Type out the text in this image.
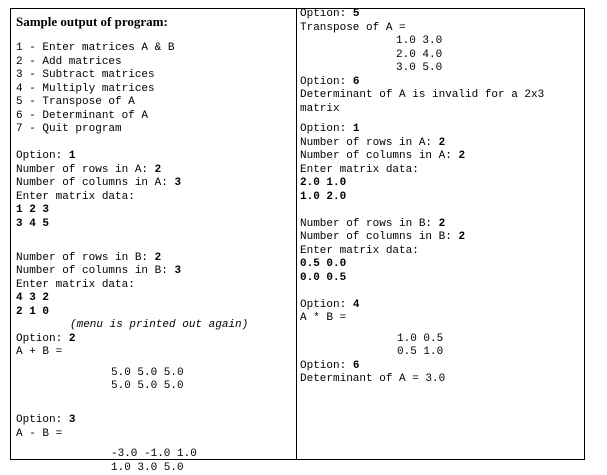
Sample output of program:
1 - Enter matrices A & B
2 - Add matrices
3 - Subtract matrices
4 - Multiply matrices
5 - Transpose of A
6 - Determinant of A
7 - Quit program
Option: 1
Number of rows in A: 2
Number of columns in A: 3
Enter matrix data:
1 2 3
3 4 5
Number of rows in B: 2
Number of columns in B: 3
Enter matrix data:
4 3 2
2 1 0
(menu is printed out again)
Option: 2
A + B =
5.0 5.0 5.0
5.0 5.0 5.0
Option: 3
A - B =
-3.0 -1.0 1.0
1.0 3.0 5.0
Option: 5
Transpose of A =
1.0 3.0
2.0 4.0
3.0 5.0
Option: 6
Determinant of A is invalid for a 2x3
matrix
Option: 1
Number of rows in A: 2
Number of columns in A: 2
Enter matrix data:
2.0 1.0
1.0 2.0
Number of rows in B: 2
Number of columns in B: 2
Enter matrix data:
0.5 0.0
0.0 0.5
Option: 4
A * B =
1.0 0.5
0.5 1.0
Option: 6
Determinant of A = 3.0
